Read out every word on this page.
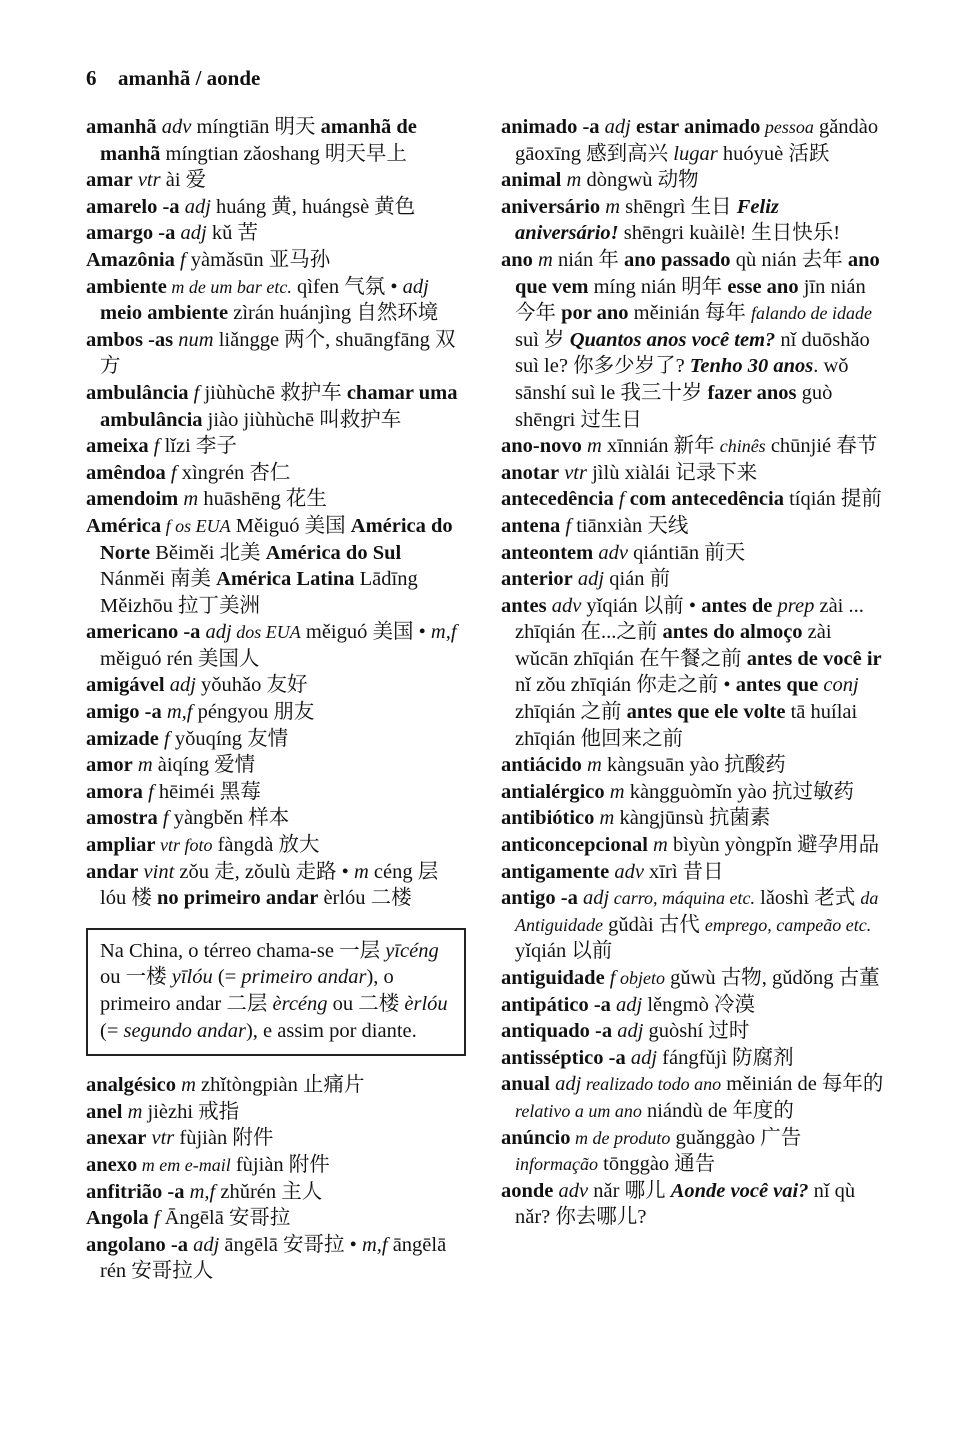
6 amanhã / aonde
amanhã adv míngtiān 明天 amanhã de manhã míngtian zǎoshang 明天早上
amar vtr ài 爱
amarelo -a adj huáng 黄, huángsè 黄色
amargo -a adj kǔ 苦
Amazônia f yàmǎsūn 亚马孙
ambiente m de um bar etc. qìfen 气氛 • adj meio ambiente zìrán huánjìng 自然环境
ambos -as num liǎngge 两个, shuāngfāng 双方
ambulância f jiùhùchē 救护车 chamar uma ambulância jiào jiùhùchē 叫救护车
ameixa f lǐzi 李子
amêndoa f xìngrén 杏仁
amendoim m huāshēng 花生
América f os EUA Měiguó 美国 América do Norte Běiměi 北美 América do Sul Nánměi 南美 América Latina Lādīng Měizhōu 拉丁美洲
americano -a adj dos EUA měiguó 美国 • m,f měiguó rén 美国人
amigável adj yǒuhǎo 友好
amigo -a m,f péngyou 朋友
amizade f yǒuqíng 友情
amor m àiqíng 爱情
amora f hēiméi 黑莓
amostra f yàngběn 样本
ampliar vtr foto fàngdà 放大
andar vint zǒu 走, zǒulù 走路 • m céng 层 lóu 楼 no primeiro andar èrlóu 二楼
Na China, o térreo chama-se 一层 yīcéng ou 一楼 yīlóu (= primeiro andar), o primeiro andar 二层 èrcéng ou 二楼 èrlóu (= segundo andar), e assim por diante.
analgésico m zhǐtòngpiàn 止痛片
anel m jièzhi 戒指
anexar vtr fùjiàn 附件
anexo m em e-mail fùjiàn 附件
anfitrião -a m,f zhǔrén 主人
Angola f Āngēlā 安哥拉
angolano -a adj āngēlā 安哥拉 • m,f āngēlā rén 安哥拉人
animado -a adj estar animado pessoa gǎndào gāoxīng 感到高兴 lugar huóyuè 活跃
animal m dòngwù 动物
aniversário m shēngrì 生日 Feliz aniversário! shēngri kuàilè! 生日快乐!
ano m nián 年 ano passado qù nián 去年 ano que vem míng nián 明年 esse ano jīn nián 今年 por ano měinián 每年 falando de idade suì 岁 Quantos anos você tem? nǐ duōshǎo suì le? 你多少岁了? Tenho 30 anos. wǒ sānshí suì le 我三十岁 fazer anos guò shēngri 过生日
ano-novo m xīnnián 新年 chinês chūnjié 春节
anotar vtr jìlù xiàlái 记录下来
antecedência f com antecedência tíqián 提前
antena f tiānxiàn 天线
anteontem adv qiántiān 前天
anterior adj qián 前
antes adv yǐqián 以前 • antes de prep zài ... zhīqián 在...之前 antes do almoço zài wǔcān zhīqián 在午餐之前 antes de você ir nǐ zǒu zhīqián 你走之前 • antes que conj zhīqián 之前 antes que ele volte tā huílai zhīqián 他回来之前
antiácido m kàngsuān yào 抗酸药
antialérgico m kàngguòmǐn yào 抗过敏药
antibiótico m kàngjūnsù 抗菌素
anticoncepcional m bìyùn yòngpǐn 避孕用品
antigamente adv xīrì 昔日
antigo -a adj carro, máquina etc. lǎoshì 老式 da Antiguidade gǔdài 古代 emprego, campeão etc. yǐqián 以前
antiguidade f objeto gǔwù 古物, gǔdǒng 古董
antipático -a adj lěngmò 冷漠
antiquado -a adj guòshí 过时
antisséptico -a adj fángfǔjì 防腐剂
anual adj realizado todo ano měinián de 每年的 relativo a um ano niándù de 年度的
anúncio m de produto guǎnggào 广告 informação tōnggào 通告
aonde adv nǎr 哪儿 Aonde você vai? nǐ qù nǎr? 你去哪儿?
